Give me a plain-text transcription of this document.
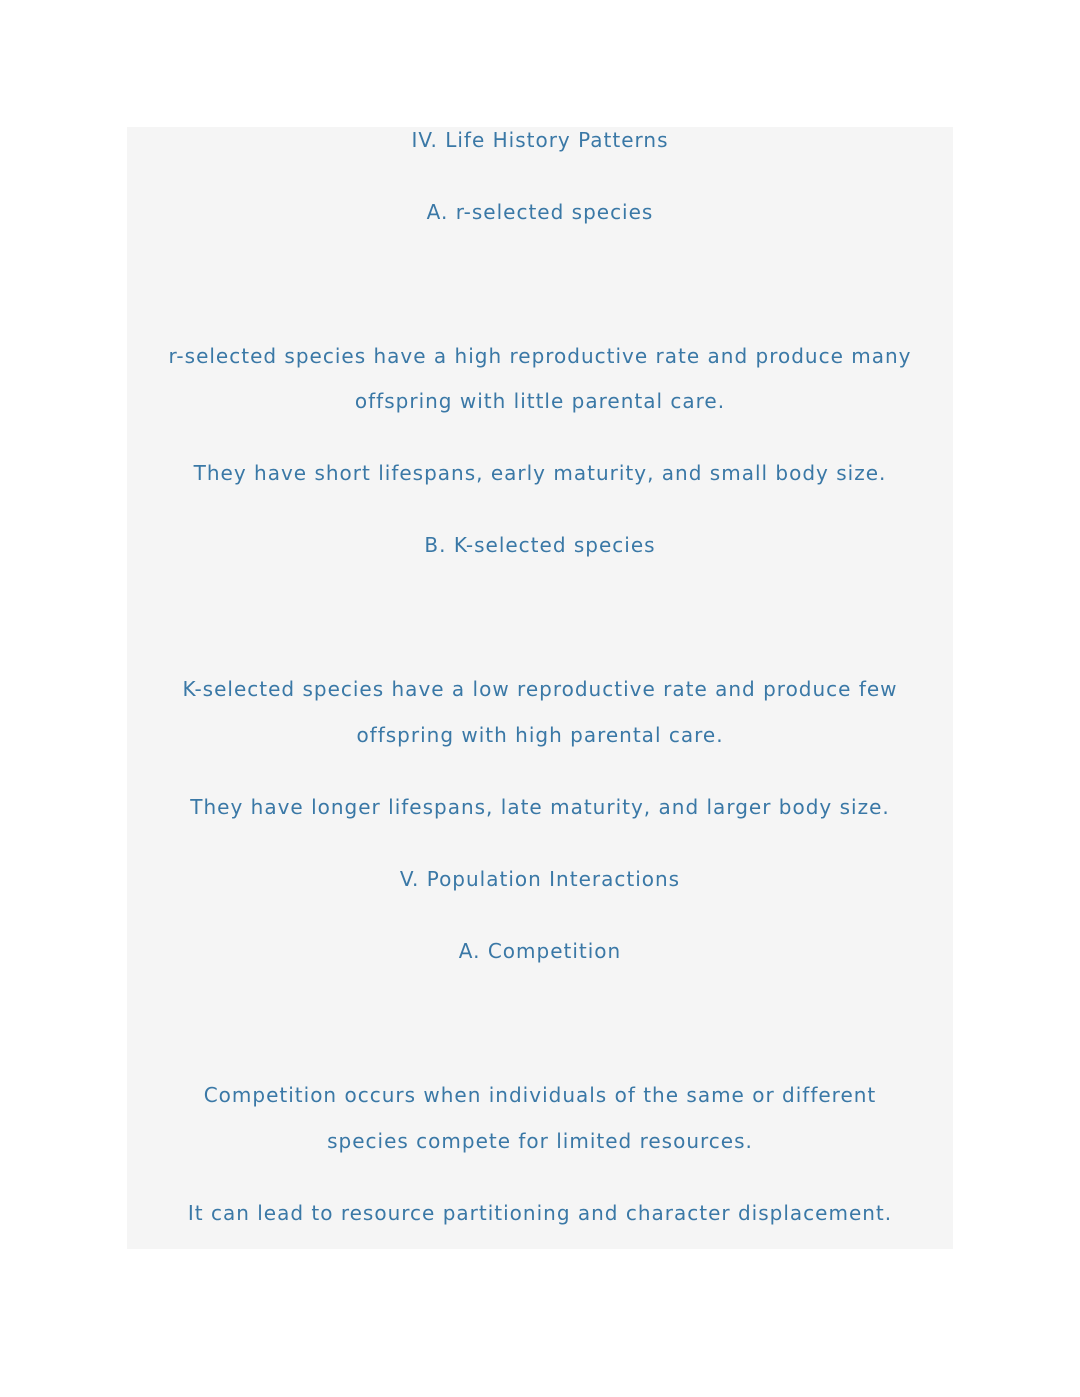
IV. Life History Patterns
A. r-selected species
r-selected species have a high reproductive rate and produce many
offspring with little parental care.
They have short lifespans, early maturity, and small body size.
B. K-selected species
K-selected species have a low reproductive rate and produce few
offspring with high parental care.
They have longer lifespans, late maturity, and larger body size.
V. Population Interactions
A. Competition
Competition occurs when individuals of the same or different
species compete for limited resources.
It can lead to resource partitioning and character displacement.
